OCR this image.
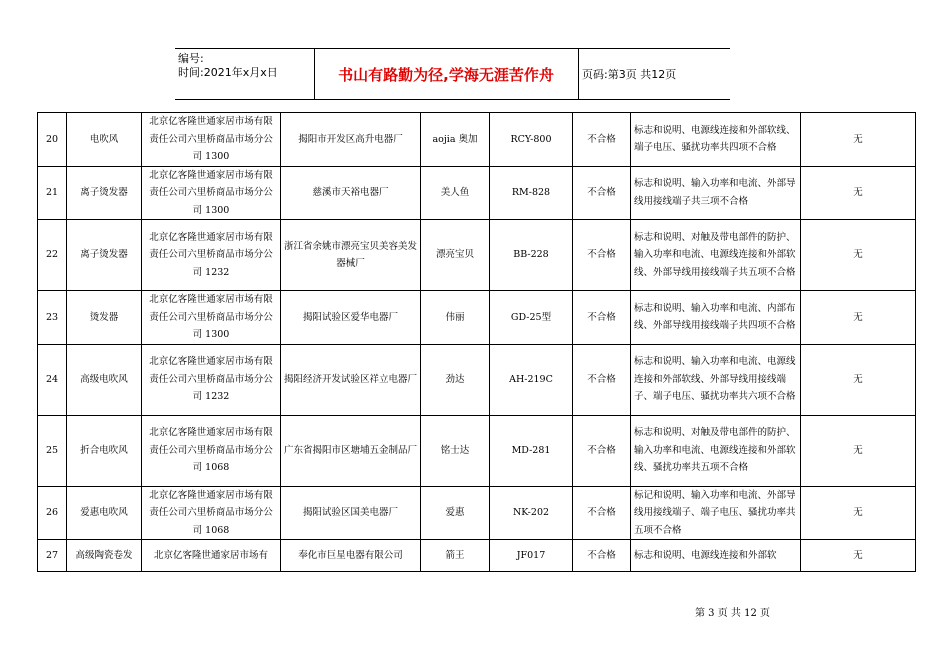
编号:
时间:2021年x月x日	书山有路勤为径,学海无涯苦作舟	页码:第3页 共12页
20	电吹风	北京亿客隆世通家居市场有限责任公司六里桥商品市场分公司 1300	揭阳市开发区高升电器厂	aojia 奥加	RCY-800	不合格	标志和说明、电源线连接和外部软线、端子电压、骚扰功率共四项不合格	无
21	离子烫发器	北京亿客隆世通家居市场有限责任公司六里桥商品市场分公司 1300	慈溪市天裕电器厂	美人鱼	RM-828	不合格	标志和说明、输入功率和电流、外部导线用接线端子共三项不合格	无
22	离子烫发器	北京亿客隆世通家居市场有限责任公司六里桥商品市场分公司 1232	浙江省余姚市漂亮宝贝美容美发器械厂	漂亮宝贝	BB-228	不合格	标志和说明、对触及带电部件的防护、输入功率和电流、电源线连接和外部软线、外部导线用接线端子共五项不合格	无
23	烫发器	北京亿客隆世通家居市场有限责任公司六里桥商品市场分公司 1300	揭阳试验区爱华电器厂	伟丽	GD-25型	不合格	标志和说明、输入功率和电流、内部布线、外部导线用接线端子共四项不合格	无
24	高级电吹风	北京亿客隆世通家居市场有限责任公司六里桥商品市场分公司 1232	揭阳经济开发试验区祥立电器厂	劲达	AH-219C	不合格	标志和说明、输入功率和电流、电源线连接和外部软线、外部导线用接线端子、端子电压、骚扰功率共六项不合格	无
25	折合电吹风	北京亿客隆世通家居市场有限责任公司六里桥商品市场分公司 1068	广东省揭阳市区塘埔五金制品厂	铭士达	MD-281	不合格	标志和说明、对触及带电部件的防护、输入功率和电流、电源线连接和外部软线、骚扰功率共五项不合格	无
26	爱惠电吹风	北京亿客隆世通家居市场有限责任公司六里桥商品市场分公司 1068	揭阳试验区国美电器厂	爱惠	NK-202	不合格	标记和说明、输入功率和电流、外部导线用接线端子、端子电压、骚扰功率共五项不合格	无
27	高级陶瓷卷发	北京亿客隆世通家居市场有	奉化市巨星电器有限公司	箭王	JF017	不合格	标志和说明、电源线连接和外部软	无
第 3 页 共 12 页
